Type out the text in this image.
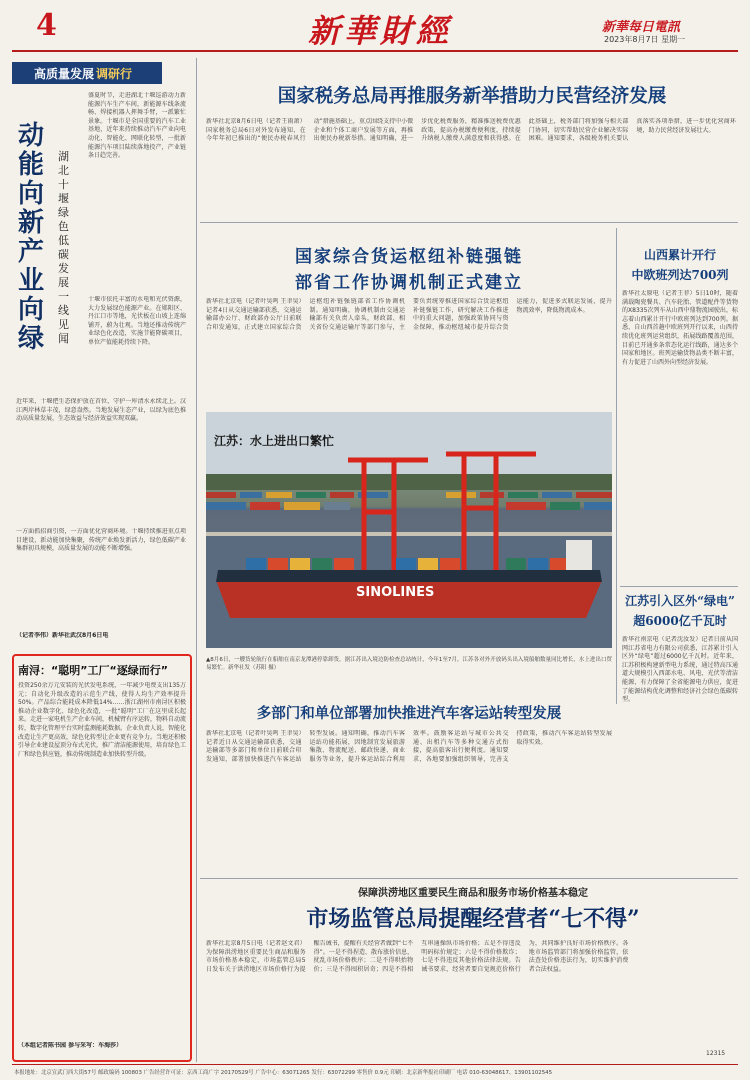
4	新華財經	新華每日電訊
2023年8月7日 星期一
高质量发展 调研行
动能向新 产业向绿
湖北十堰绿色低碳发展一线见闻
盛夏时节，走进湖北十堰巡游动力新能源汽车生产车间，新能源车线条流畅、焊接机器人挥舞手臂，一派繁忙景象。十堰市是全国重要的汽车工业基地，近年来持续推动汽车产业向电动化、智能化、网联化转型，一批新能源汽车项目陆续落地投产，产业链条日趋完善。
十堰市依托丰富的水电和光伏资源，大力发展绿色能源产业。在郧阳区、丹江口市等地，光伏板在山坡上连绵铺开，蔚为壮观。当地还推动传统产业绿色化改造，实施节能降碳项目，单位产值能耗持续下降。
近年来，十堰把生态保护放在首位，守护一库清水永续北上。汉江两岸林草丰茂，绿意盎然。当地发展生态产业，以绿为底色推动高质量发展，生态效益与经济效益实现双赢。
一方面抓招商引资，一方面优化营商环境。十堰持续推进重点项目建设，新动能加快集聚，传统产业焕发新活力，绿色低碳产业集群初具规模，高质量发展的动能不断增强。
（记者李伟）新华社武汉8月6日电
南浔：“聪明”工厂“逐绿而行”
投资250余万元安装的光伏发电系统，一年减少电费支出135万元；自动化升级改造的示范生产线，使得人均生产效率提升50%。产品综合能耗成本降低14%……浙江湖州市南浔区积极推动企业数字化、绿色化改造，一批“聪明”工厂在这里成长起来。走进一家电机生产企业车间，机械臂有序运转，物料自动流转，数字化管理平台实时监测能耗数据。企业负责人说，智能化改造让生产更高效，绿色化转型让企业更有竞争力。当地还积极引导企业建设屋顶分布式光伏，推广清洁能源使用，培育绿色工厂和绿色供应链，推动传统制造业加快转型升级。
（本组记者陈书园 参与采写：车海莎）
国家税务总局再推服务新举措助力民营经济发展
新华社北京8月6日电（记者王雨萧）国家税务总局6日对外发布通知，在今年年初已推出的“便民办税春风行动”措施基础上，重点围绕支持中小微企业和个体工商户发展等方面，再推出便民办税新举措。通知明确，进一步优化税费服务，精准推送税费优惠政策，提高办税缴费便利度，持续提升纳税人缴费人满意度和获得感。在此基础上，税务部门将加强与相关部门协同，切实帮助民营企业解决实际困难。通知要求，各级税务机关要认真落实各项举措，进一步优化营商环境，助力民营经济发展壮大。
国家综合货运枢纽补链强链
部省工作协调机制正式建立
新华社北京电（记者叶昊鸣 王聿昊）记者4日从交通运输部获悉，交通运输部办公厅、财政部办公厅日前联合印发通知，正式建立国家综合货运枢纽补链强链部省工作协调机制。通知明确，协调机制由交通运输部有关负责人牵头，财政部、相关省份交通运输厅等部门参与，主要负责统筹推进国家综合货运枢纽补链强链工作，研究解决工作推进中的重大问题，加强政策协同与资金保障，推动枢纽城市提升综合货运能力，促进多式联运发展，提升物流效率，降低物流成本。
SINOLINES
江苏：水上进出口繁忙
▲8月6日，一艘货轮航行在船舶在南京龙潭港停靠卸货。据江苏出入境边防检查总站统计，今年1至7月，江苏各对外开放码头出入境船舶数量同比增长，水上进出口贸易繁忙。新华社发（苏阳 摄）
山西累计开行
中欧班列达700列
新华社太原电（记者王菲）5日10时，随着满载陶瓷餐具、汽车轮胎、管道配件等货物的X8335次列车从山西中鼎物流园驶出，标志着山西累计开行中欧班列达到700列。据悉，自山西首趟中欧班列开行以来，山西持续优化班列运营组织，拓展线路覆盖范围，目前已开通多条常态化运行线路，通达多个国家和地区。班列运输货物品类不断丰富，有力促进了山西外向型经济发展。
江苏引入区外“绿电”
超6000亿千瓦时
新华社南京电（记者沈汝发）记者日前从国网江苏省电力有限公司获悉，江苏累计引入区外“绿电”超过6000亿千瓦时。近年来，江苏积极构建新型电力系统，通过特高压通道大规模引入西部水电、风电、光伏等清洁能源，有力保障了全省能源电力供应，促进了能源结构优化调整和经济社会绿色低碳转型。
多部门和单位部署加快推进汽车客运站转型发展
新华社北京电（记者叶昊鸣 王聿昊）记者近日从交通运输部获悉，交通运输部等多部门和单位日前联合印发通知，部署加快推进汽车客运站转型发展。通知明确，推动汽车客运站功能拓展，因地制宜发展旅游集散、物流配送、邮政快递、商业服务等业务，提升客运站综合利用效率。鼓励客运站与城市公共交通、出租汽车等多种交通方式衔接，提高旅客出行便利度。通知要求，各地要加强组织领导，完善支持政策，推动汽车客运站转型发展取得实效。
保障洪涝地区重要民生商品和服务市场价格基本稳定
市场监管总局提醒经营者“七不得”
新华社北京8月5日电（记者赵文君）为保障洪涝地区重要民生商品和服务市场价格基本稳定，市场监管总局5日发布关于洪涝地区市场价格行为提醒告诫书，提醒有关经营者做到“七不得”。一是不得捏造、散布涨价信息，扰乱市场价格秩序；二是不得哄抬物价；三是不得囤积居奇；四是不得相互串通操纵市场价格；五是不得违反明码标价规定；六是不得价格欺诈；七是不得违反其他价格法律法规。告诫书要求，经营者要自觉规范价格行为，共同维护良好市场价格秩序。各地市场监管部门将加强价格监管，依法查处价格违法行为，切实维护消费者合法权益。
12315
本报地址：北京宣武门西大街57号 邮政编码 100803 广告经营许可证：京西工商广字 20170529号 广告中心：63071265 发行：63072299 零售价 0.9元 印刷：北京新华报社印刷厂 电话 010-63048617、13901102545
